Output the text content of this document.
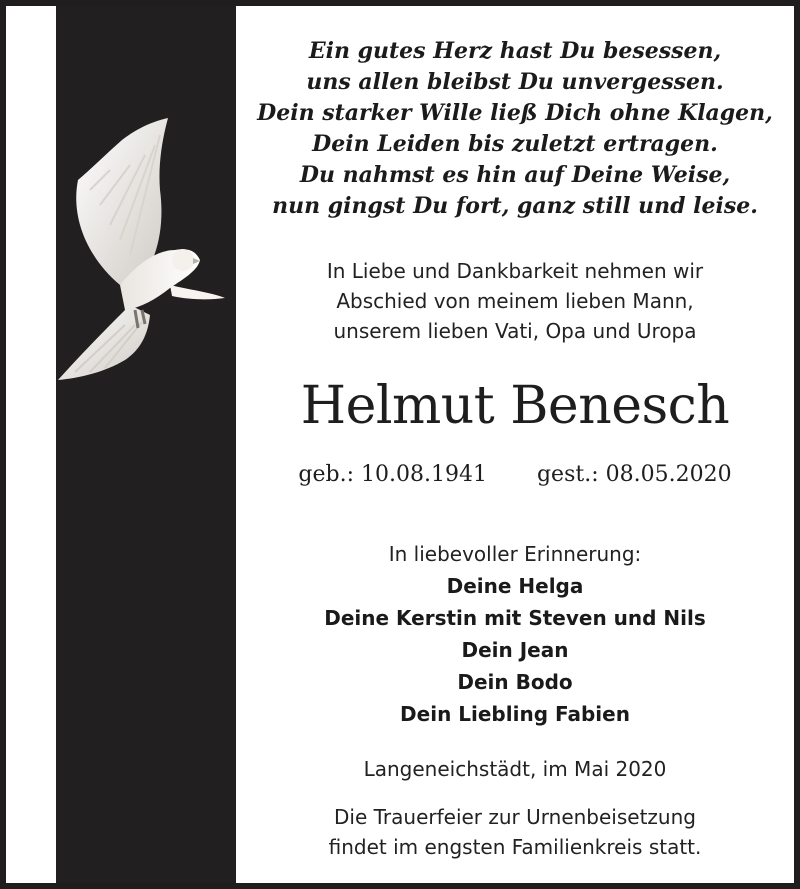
Ein gutes Herz hast Du besessen,
uns allen bleibst Du unvergessen.
Dein starker Wille ließ Dich ohne Klagen,
Dein Leiden bis zuletzt ertragen.
Du nahmst es hin auf Deine Weise,
nun gingst Du fort, ganz still und leise.
In Liebe und Dankbarkeit nehmen wir
Abschied von meinem lieben Mann,
unserem lieben Vati, Opa und Uropa
Helmut Benesch
geb.: 10.08.1941 gest.: 08.05.2020
In liebevoller Erinnerung:
Deine Helga
Deine Kerstin mit Steven und Nils
Dein Jean
Dein Bodo
Dein Liebling Fabien
Langeneichstädt, im Mai 2020
Die Trauerfeier zur Urnenbeisetzung
findet im engsten Familienkreis statt.
